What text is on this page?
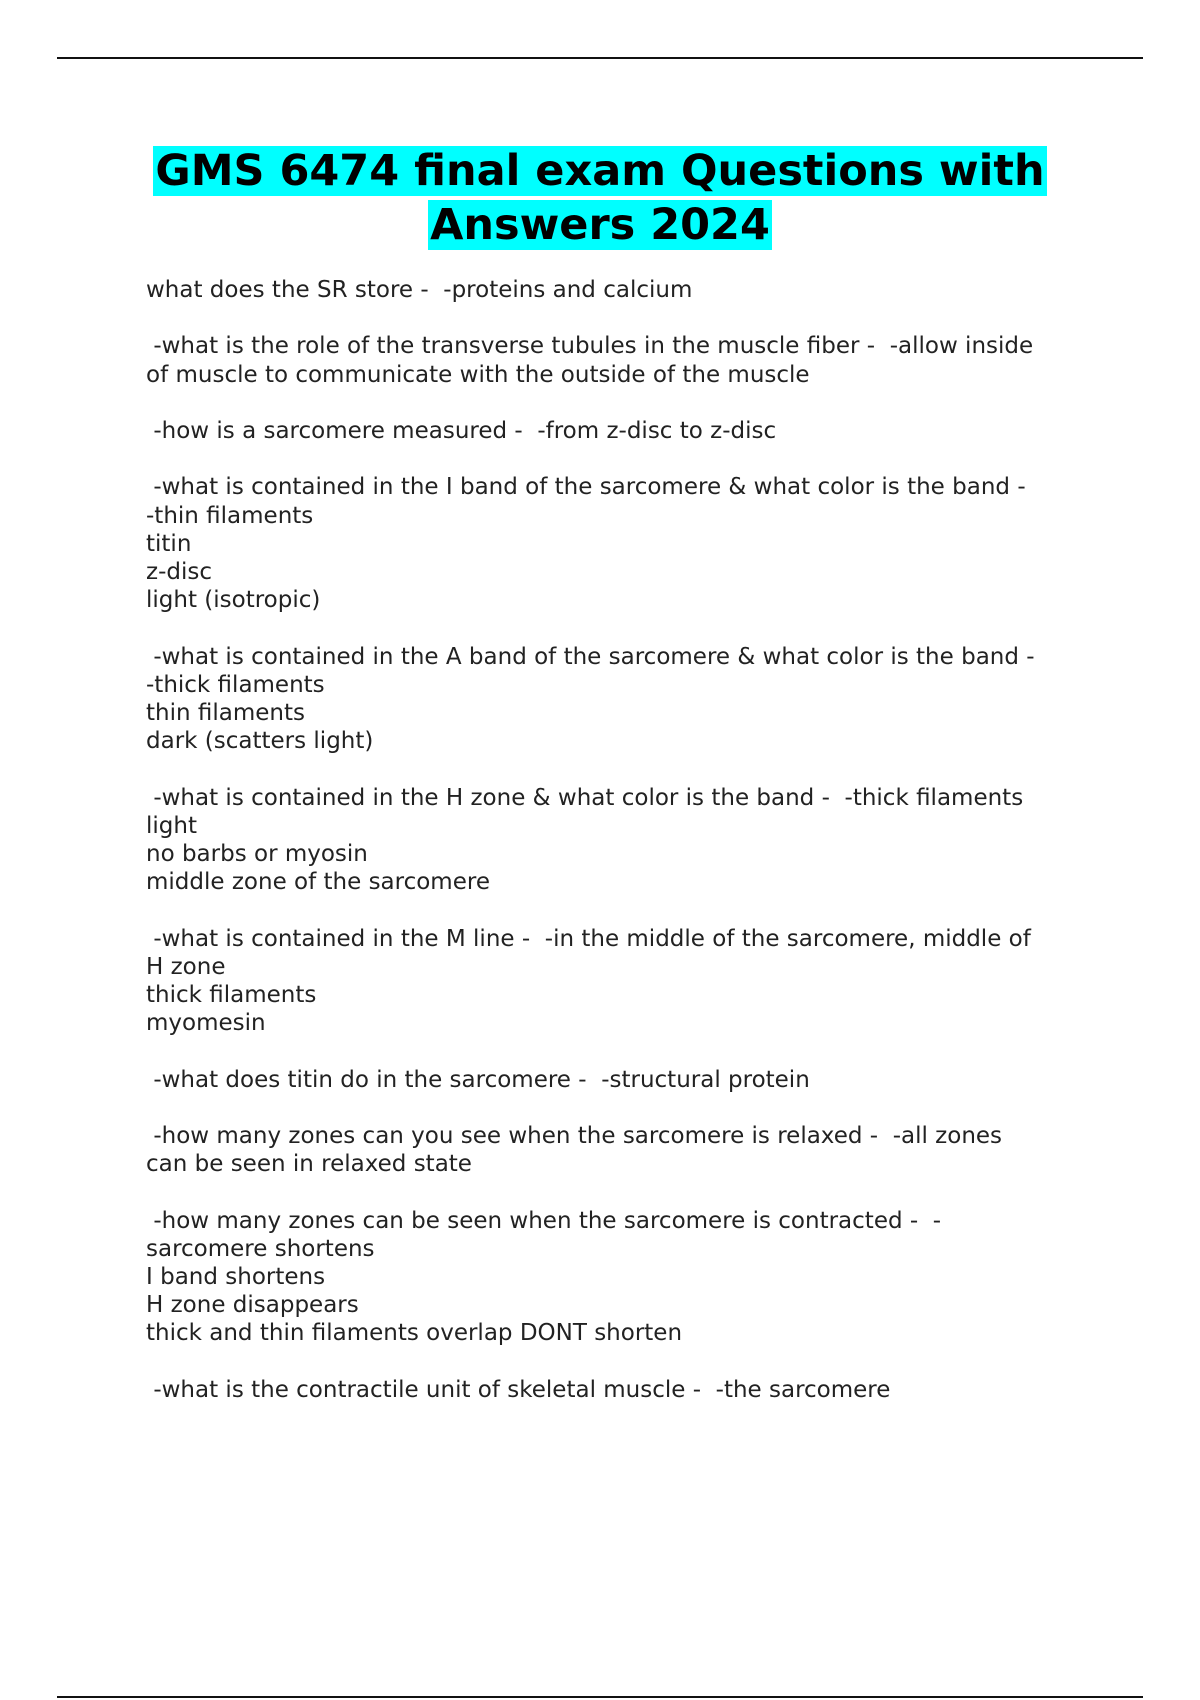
GMS 6474 final exam Questions with
Answers 2024
what does the SR store -  -proteins and calcium
-what is the role of the transverse tubules in the muscle fiber -  -allow inside
of muscle to communicate with the outside of the muscle
-how is a sarcomere measured -  -from z-disc to z-disc
-what is contained in the I band of the sarcomere & what color is the band -
-thin filaments
titin
z-disc
light (isotropic)
-what is contained in the A band of the sarcomere & what color is the band -
-thick filaments
thin filaments
dark (scatters light)
-what is contained in the H zone & what color is the band -  -thick filaments
light
no barbs or myosin
middle zone of the sarcomere
-what is contained in the M line -  -in the middle of the sarcomere, middle of
H zone
thick filaments
myomesin
-what does titin do in the sarcomere -  -structural protein
-how many zones can you see when the sarcomere is relaxed -  -all zones
can be seen in relaxed state
-how many zones can be seen when the sarcomere is contracted -  -
sarcomere shortens
I band shortens
H zone disappears
thick and thin filaments overlap DONT shorten
-what is the contractile unit of skeletal muscle -  -the sarcomere
